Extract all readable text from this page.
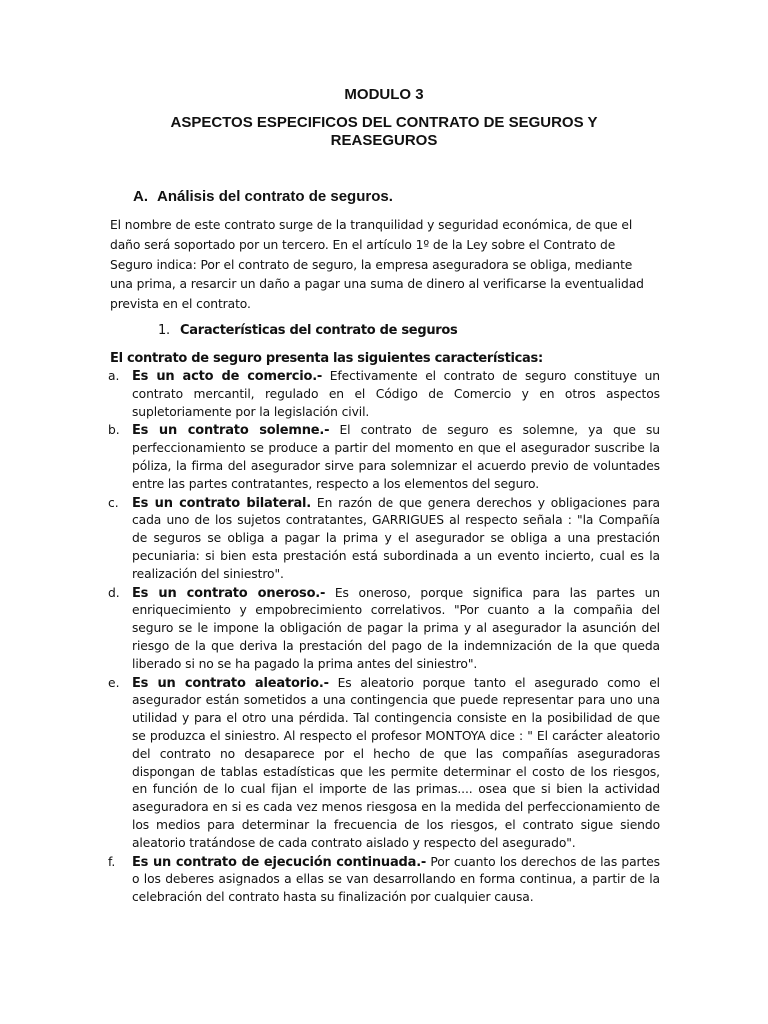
MODULO 3
ASPECTOS ESPECIFICOS DEL CONTRATO DE SEGUROS Y REASEGUROS
A. Análisis del contrato de seguros.

El nombre de este contrato surge de la tranquilidad y seguridad económica, de que el daño será soportado por un tercero. En el artículo 1º de la Ley sobre el Contrato de Seguro indica: Por el contrato de seguro, la empresa aseguradora se obliga, mediante una prima, a resarcir un daño a pagar una suma de dinero al verificarse la eventualidad prevista en el contrato.

1. Características del contrato de seguros

El contrato de seguro presenta las siguientes características:

a. Es un acto de comercio.- Efectivamente el contrato de seguro constituye un contrato mercantil, regulado en el Código de Comercio y en otros aspectos supletoriamente por la legislación civil.

b. Es un contrato solemne.- El contrato de seguro es solemne, ya que su perfeccionamiento se produce a partir del momento en que el asegurador suscribe la póliza, la firma del asegurador sirve para solemnizar el acuerdo previo de voluntades entre las partes contratantes, respecto a los elementos del seguro.

c. Es un contrato bilateral. En razón de que genera derechos y obligaciones para cada uno de los sujetos contratantes, GARRIGUES al respecto señala : "la Compañía de seguros se obliga a pagar la prima y el asegurador se obliga a una prestación pecuniaria: si bien esta prestación está subordinada a un evento incierto, cual es la realización del siniestro".

d. Es un contrato oneroso.- Es oneroso, porque significa para las partes un enriquecimiento y empobrecimiento correlativos. "Por cuanto a la compañia del seguro se le impone la obligación de pagar la prima y al asegurador la asunción del riesgo de la que deriva la prestación del pago de la indemnización de la que queda liberado si no se ha pagado la prima antes del siniestro".

e. Es un contrato aleatorio.- Es aleatorio porque tanto el asegurado como el asegurador están sometidos a una contingencia que puede representar para uno una utilidad y para el otro una pérdida. Tal contingencia consiste en la posibilidad de que se produzca el siniestro. Al respecto el profesor MONTOYA dice : " El carácter aleatorio del contrato no desaparece por el hecho de que las compañías aseguradoras dispongan de tablas estadísticas que les permite determinar el costo de los riesgos, en función de lo cual fijan el importe de las primas.... osea que si bien la actividad aseguradora en si es cada vez menos riesgosa en la medida del perfeccionamiento de los medios para determinar la frecuencia de los riesgos, el contrato sigue siendo aleatorio tratándose de cada contrato aislado y respecto del asegurado".

f. Es un contrato de ejecución continuada.- Por cuanto los derechos de las partes o los deberes asignados a ellas se van desarrollando en forma continua, a partir de la celebración del contrato hasta su finalización por cualquier causa.
